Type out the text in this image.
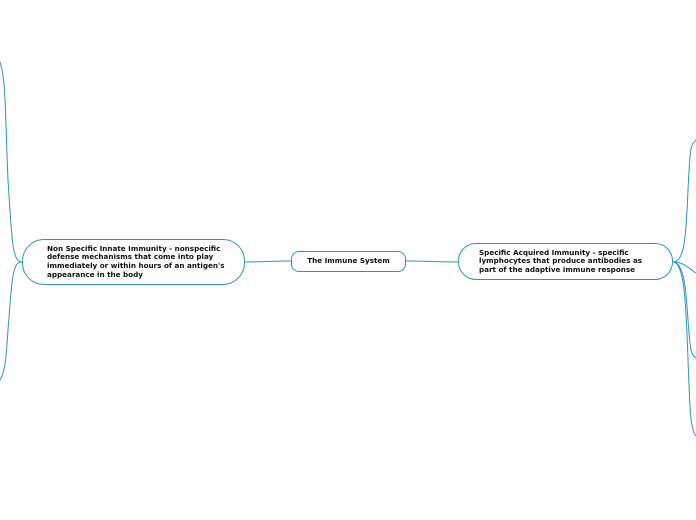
Non Specific Innate Immunity - nonspecific defense mechanisms that come into play immediately or within hours of an antigen's appearance in the body
The Immune System
Specific Acquired Immunity - specific lymphocytes that produce antibodies as part of the adaptive immune response
